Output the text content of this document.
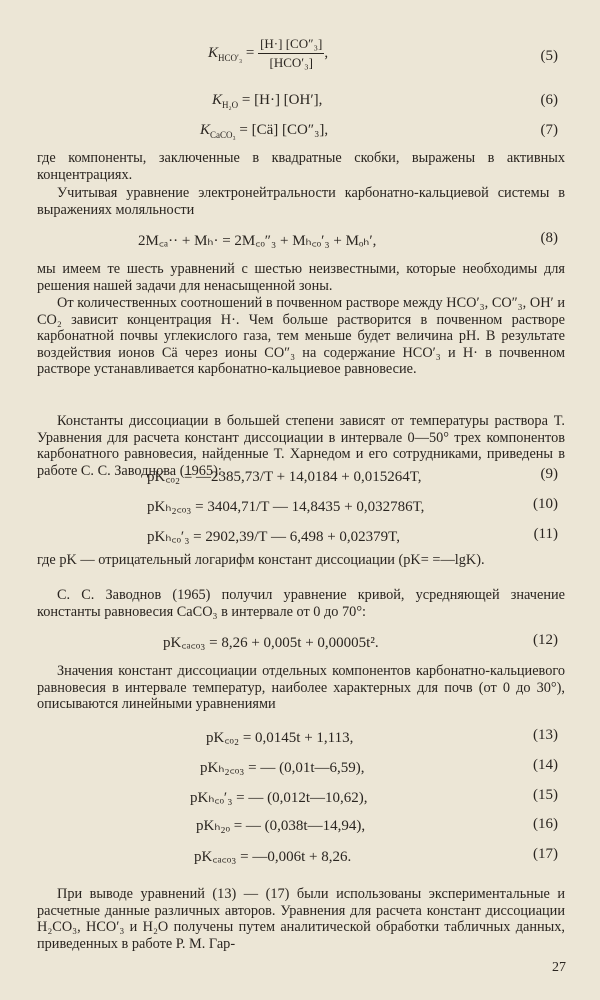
$K_{HCO'_3} = \frac{\text{[H·] [CO″₃]}}{\text{[HCO′₃]}}$ ,	(5)
$K_{H_2O} = [H\cdot]$ [OH′],	(6)
$K_{CaCO_3}$ = [Cä] [CO″₃],	(7)

где компоненты, заключенные в квадратные скобки, выражены в активных концентрациях.

Учитывая уравнение электронейтральности карбонатно-кальциевой системы в выражениях моляльности

2M꜀ₐ·· + Mₕ· = 2M꜀ₒ″₃ + Mₕ꜀ₒ′₃ + Mₒₕ′,	(8)

мы имеем те шесть уравнений с шестью неизвестными, которые необходимы для решения нашей задачи для ненасыщенной зоны.

От количественных соотношений в почвенном растворе между HCO′₃, CO″₃, OH′ и CO₂ зависит концентрация H·. Чем больше растворится в почвенном растворе карбонатной почвы углекислого газа, тем меньше будет величина pH. В результате воздействия ионов Cä через ионы CO″₃ на содержание HCO′₃ и H· в почвенном растворе устанавливается карбонатно-кальциевое равновесие.

Константы диссоциации в большей степени зависят от температуры раствора T. Уравнения для расчета констант диссоциации в интервале 0—50° трех компонентов карбонатного равновесия, найденные Т. Харнедом и его сотрудниками, приведены в работе С. С. Заводнова (1965):

pK꜀ₒ₂ = —2385,73/T + 14,0184 + 0,015264T,	(9)
pKₕ₂꜀ₒ₃ = 3404,71/T — 14,8435 + 0,032786T,	(10)
pKₕ꜀ₒ′₃ = 2902,39/T — 6,498 + 0,02379T,	(11)

где pK — отрицательный логарифм констант диссоциации (pK= =—lgK).

С. С. Заводнов (1965) получил уравнение кривой, усредняющей значение константы равновесия CaCO₃ в интервале от 0 до 70°:

pK꜀ₐ꜀ₒ₃ = 8,26 + 0,005t + 0,00005t².	(12)

Значения констант диссоциации отдельных компонентов карбонатно-кальциевого равновесия в интервале температур, наиболее характерных для почв (от 0 до 30°), описываются линейными уравнениями

pK꜀ₒ₂ = 0,0145t + 1,113,	(13)
pKₕ₂꜀ₒ₃ = — (0,01t—6,59),	(14)
pKₕ꜀ₒ′₃ = — (0,012t—10,62),	(15)
pKₕ₂ₒ = — (0,038t—14,94),	(16)
pK꜀ₐ꜀ₒ₃ = —0,006t + 8,26.	(17)

При выводе уравнений (13) — (17) были использованы экспериментальные и расчетные данные различных авторов. Уравнения для расчета констант диссоциации H₂CO₃, HCO′₃ и H₂O получены путем аналитической обработки табличных данных, приведенных в работе Р. М. Гар-

27
